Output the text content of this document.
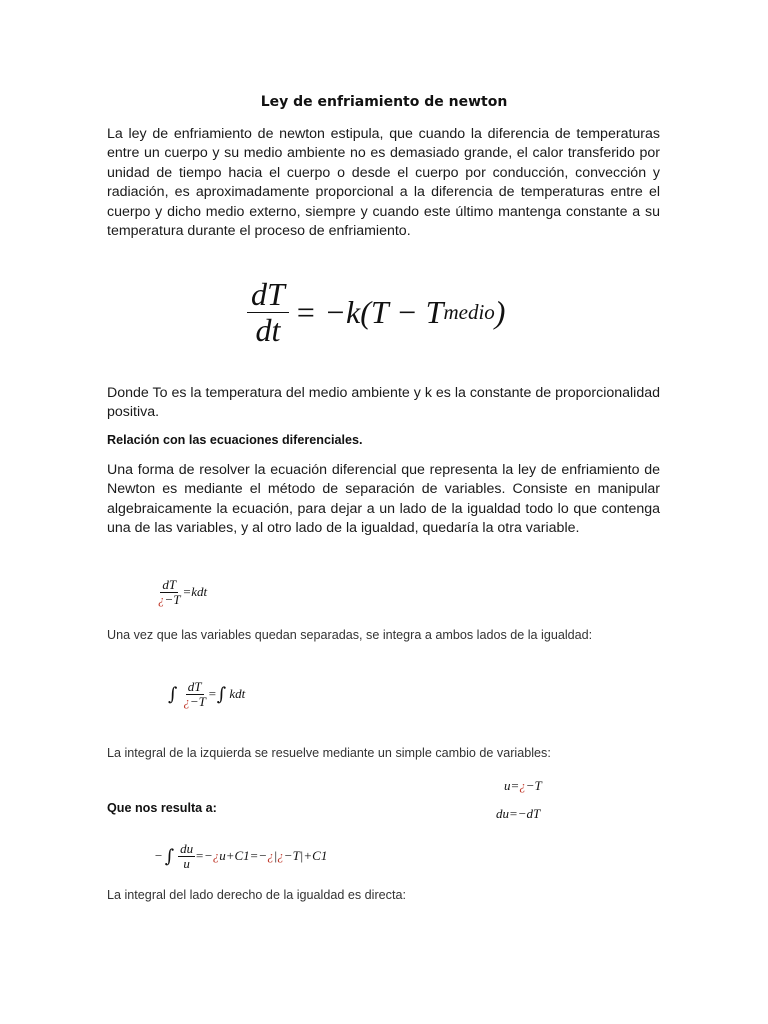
Ley de enfriamiento de newton

La ley de enfriamiento de newton estipula, que cuando la diferencia de temperaturas entre un cuerpo y su medio ambiente no es demasiado grande, el calor transferido por unidad de tiempo hacia el cuerpo o desde el cuerpo por conducción, convección y radiación, es aproximadamente proporcional a la diferencia de temperaturas entre el cuerpo y dicho medio externo, siempre y cuando este último mantenga constante a su temperatura durante el proceso de enfriamiento.

$\frac{dT}{dt} = -k(T - T$ medio )

Donde To es la temperatura del medio ambiente y k es la constante de proporcionalidad positiva.

Relación con las ecuaciones diferenciales.

Una forma de resolver la ecuación diferencial que representa la ley de enfriamiento de Newton es mediante el método de separación de variables. Consiste en manipular algebraicamente la ecuación, para dejar a un lado de la igualdad todo lo que contenga una de las variables, y al otro lado de la igualdad, quedaría la otra variable.

$\frac{dT}{¿-T} =kdt$

Una vez que las variables quedan separadas, se integra a ambos lados de la igualdad:

∫ $\frac{dT}{¿-T}$ = ∫ kdt

La integral de la izquierda se resuelve mediante un simple cambio de variables:

u= ¿ −T
du=−dT

Que nos resulta a:

− ∫ $\frac{du}{u}$ =−¿u+C1=−¿|¿−T|+C1

La integral del lado derecho de la igualdad es directa:
